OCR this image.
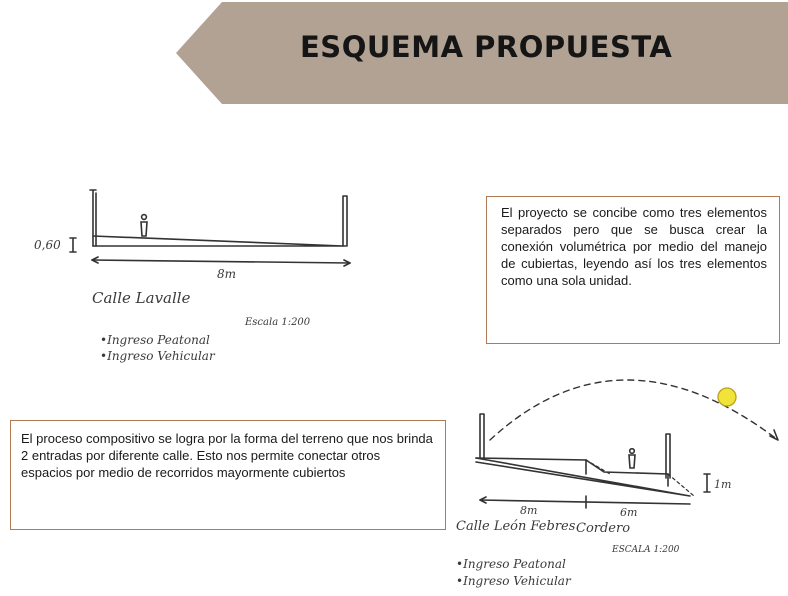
ESQUEMA PROPUESTA
0,60
8m
Calle Lavalle
Escala 1:200
•Ingreso Peatonal
•Ingreso Vehicular
1m
8m	6m
Calle León Febres Cordero
ESCALA 1:200
•Ingreso Peatonal
•Ingreso Vehicular
El proyecto se concibe como tres elementos separados pero que se busca crear la conexión volumétrica por medio del manejo de cubiertas, leyendo así los tres elementos como una sola unidad.
El proceso compositivo se logra por la forma del terreno que nos brinda 2 entradas por diferente calle. Esto nos permite conectar otros espacios por medio de recorridos mayormente cubiertos
